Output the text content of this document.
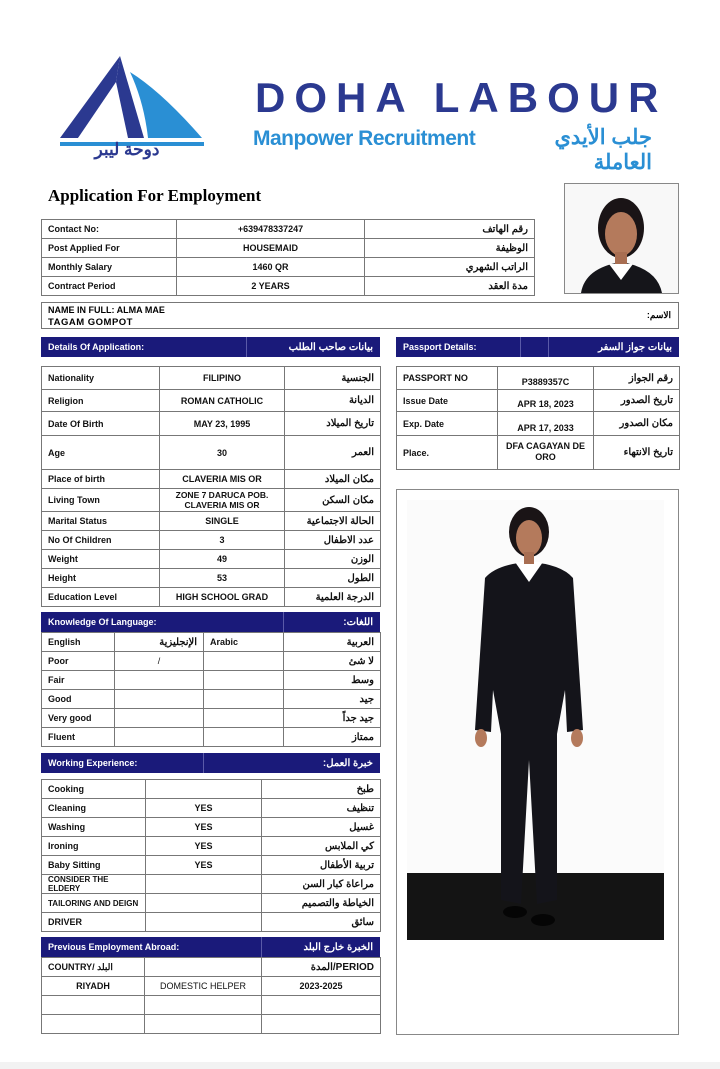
دوحة ليبر
DOHA LABOUR
Manpower Recruitment	جلب الأيدي العاملة
Application For Employment
Contact No:	+639478337247	رقم الهاتف
Post Applied For	HOUSEMAID	الوظيفة
Monthly Salary	1460 QR	الراتب الشهري
Contract Period	2 YEARS	مدة العقد
NAME IN FULL: ALMA MAE
TAGAM GOMPOT
الاسم:
Details Of Application:	بيانات صاحب الطلب	Passport Details:	بيانات جواز السفر
Nationality	FILIPINO	الجنسية
Religion	ROMAN CATHOLIC	الديانة
Date Of Birth	MAY 23, 1995	تاريخ الميلاد
Age	30	العمر
Place of birth	CLAVERIA MIS OR	مكان الميلاد
Living Town	ZONE 7 DARUCA POB. CLAVERIA MIS OR	مكان السكن
Marital Status	SINGLE	الحالة الاجتماعية
No Of Children	3	عدد الاطفال
Weight	49	الوزن
Height	53	الطول
Education Level	HIGH SCHOOL GRAD	الدرجة العلمية
PASSPORT NO	P3889357C	رقم الجواز
Issue Date	APR 18, 2023	تاريخ الصدور
Exp. Date	APR 17, 2033	مكان الصدور
Place.	DFA CAGAYAN DE ORO	تاريخ الانتهاء
Knowledge Of Language:	اللغات:
English	الإنجليزية	Arabic	العربية
Poor	/		لا شئ
Fair			وسط
Good			جيد
Very good			جيد جداً
Fluent			ممتاز
Working Experience:	خبرة العمل:
Cooking		طبخ
Cleaning	YES	تنظيف
Washing	YES	غسيل
Ironing	YES	كي الملابس
Baby Sitting	YES	تربية الأطفال
CONSIDER THE ELDERY		مراعاة كبار السن
TAILORING AND DEIGN		الخياطة والتصميم
DRIVER		سائق
Previous Employment Abroad:	الخبرة خارج البلد
COUNTRY/ البلد		PERIOD/المدة
RIYADH	DOMESTIC HELPER	2023-2025
